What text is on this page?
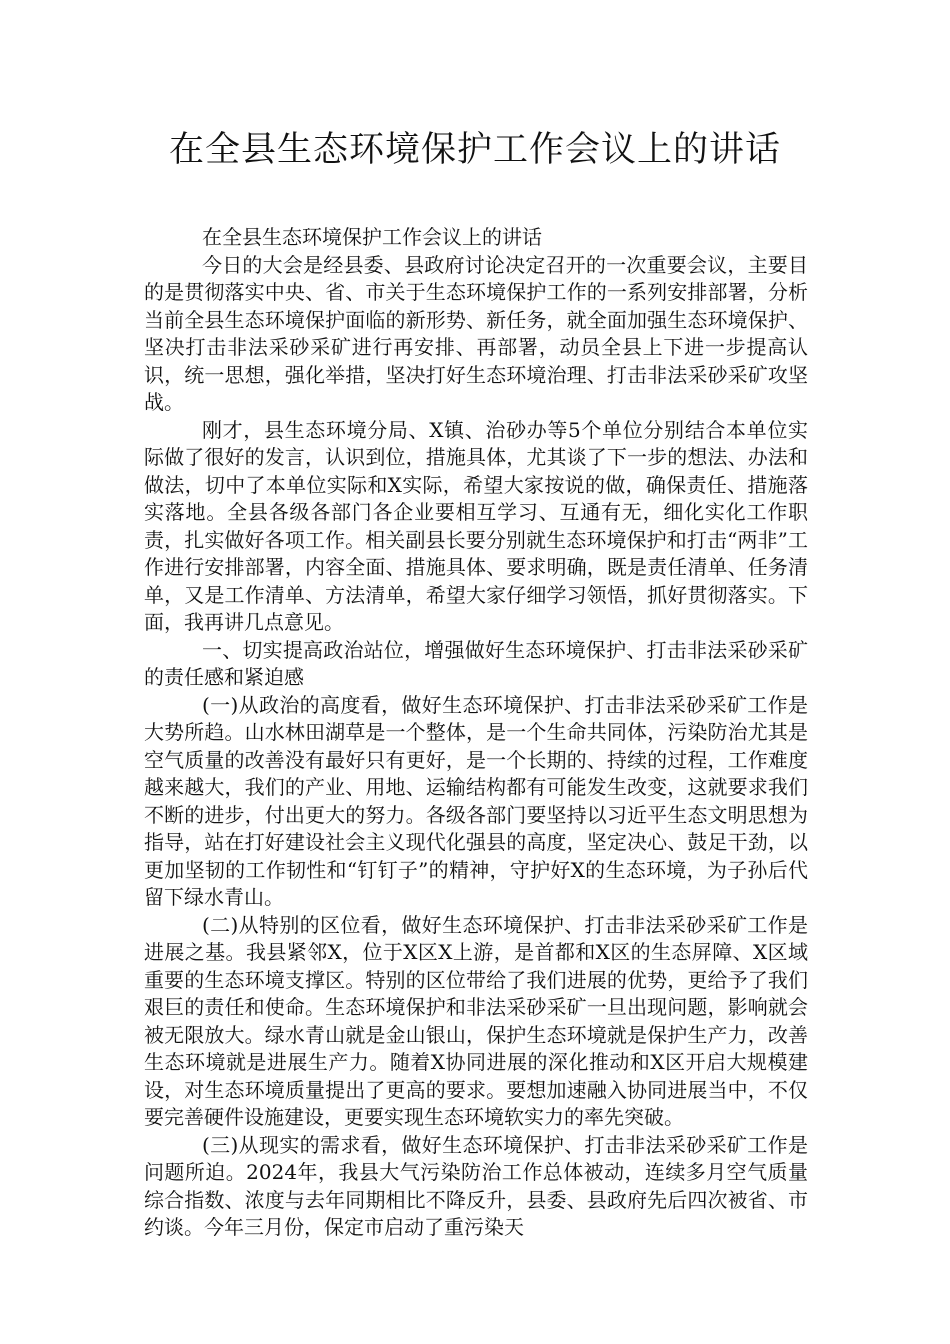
在全县生态环境保护工作会议上的讲话

在全县生态环境保护工作会议上的讲话

今日的大会是经县委、县政府讨论决定召开的一次重要会议，主要目的是贯彻落实中央、省、市关于生态环境保护工作的一系列安排部署，分析当前全县生态环境保护面临的新形势、新任务，就全面加强生态环境保护、坚决打击非法采砂采矿进行再安排、再部署，动员全县上下进一步提高认识，统一思想，强化举措，坚决打好生态环境治理、打击非法采砂采矿攻坚战。

刚才，县生态环境分局、X镇、治砂办等5个单位分别结合本单位实际做了很好的发言，认识到位，措施具体，尤其谈了下一步的想法、办法和做法，切中了本单位实际和X实际，希望大家按说的做，确保责任、措施落实落地。全县各级各部门各企业要相互学习、互通有无，细化实化工作职责，扎实做好各项工作。相关副县长要分别就生态环境保护和打击“两非”工作进行安排部署，内容全面、措施具体、要求明确，既是责任清单、任务清单，又是工作清单、方法清单，希望大家仔细学习领悟，抓好贯彻落实。下面，我再讲几点意见。

一、切实提高政治站位，增强做好生态环境保护、打击非法采砂采矿的责任感和紧迫感

(一)从政治的高度看，做好生态环境保护、打击非法采砂采矿工作是大势所趋。山水林田湖草是一个整体，是一个生命共同体，污染防治尤其是空气质量的改善没有最好只有更好，是一个长期的、持续的过程，工作难度越来越大，我们的产业、用地、运输结构都有可能发生改变，这就要求我们不断的进步，付出更大的努力。各级各部门要坚持以习近平生态文明思想为指导，站在打好建设社会主义现代化强县的高度，坚定决心、鼓足干劲，以更加坚韧的工作韧性和“钉钉子”的精神，守护好X的生态环境，为子孙后代留下绿水青山。

(二)从特别的区位看，做好生态环境保护、打击非法采砂采矿工作是进展之基。我县紧邻X，位于X区X上游，是首都和X区的生态屏障、X区域重要的生态环境支撑区。特别的区位带给了我们进展的优势，更给予了我们艰巨的责任和使命。生态环境保护和非法采砂采矿一旦出现问题，影响就会被无限放大。绿水青山就是金山银山，保护生态环境就是保护生产力，改善生态环境就是进展生产力。随着X协同进展的深化推动和X区开启大规模建设，对生态环境质量提出了更高的要求。要想加速融入协同进展当中，不仅要完善硬件设施建设，更要实现生态环境软实力的率先突破。

(三)从现实的需求看，做好生态环境保护、打击非法采砂采矿工作是问题所迫。2024年，我县大气污染防治工作总体被动，连续多月空气质量综合指数、浓度与去年同期相比不降反升，县委、县政府先后四次被省、市约谈。今年三月份，保定市启动了重污染天
